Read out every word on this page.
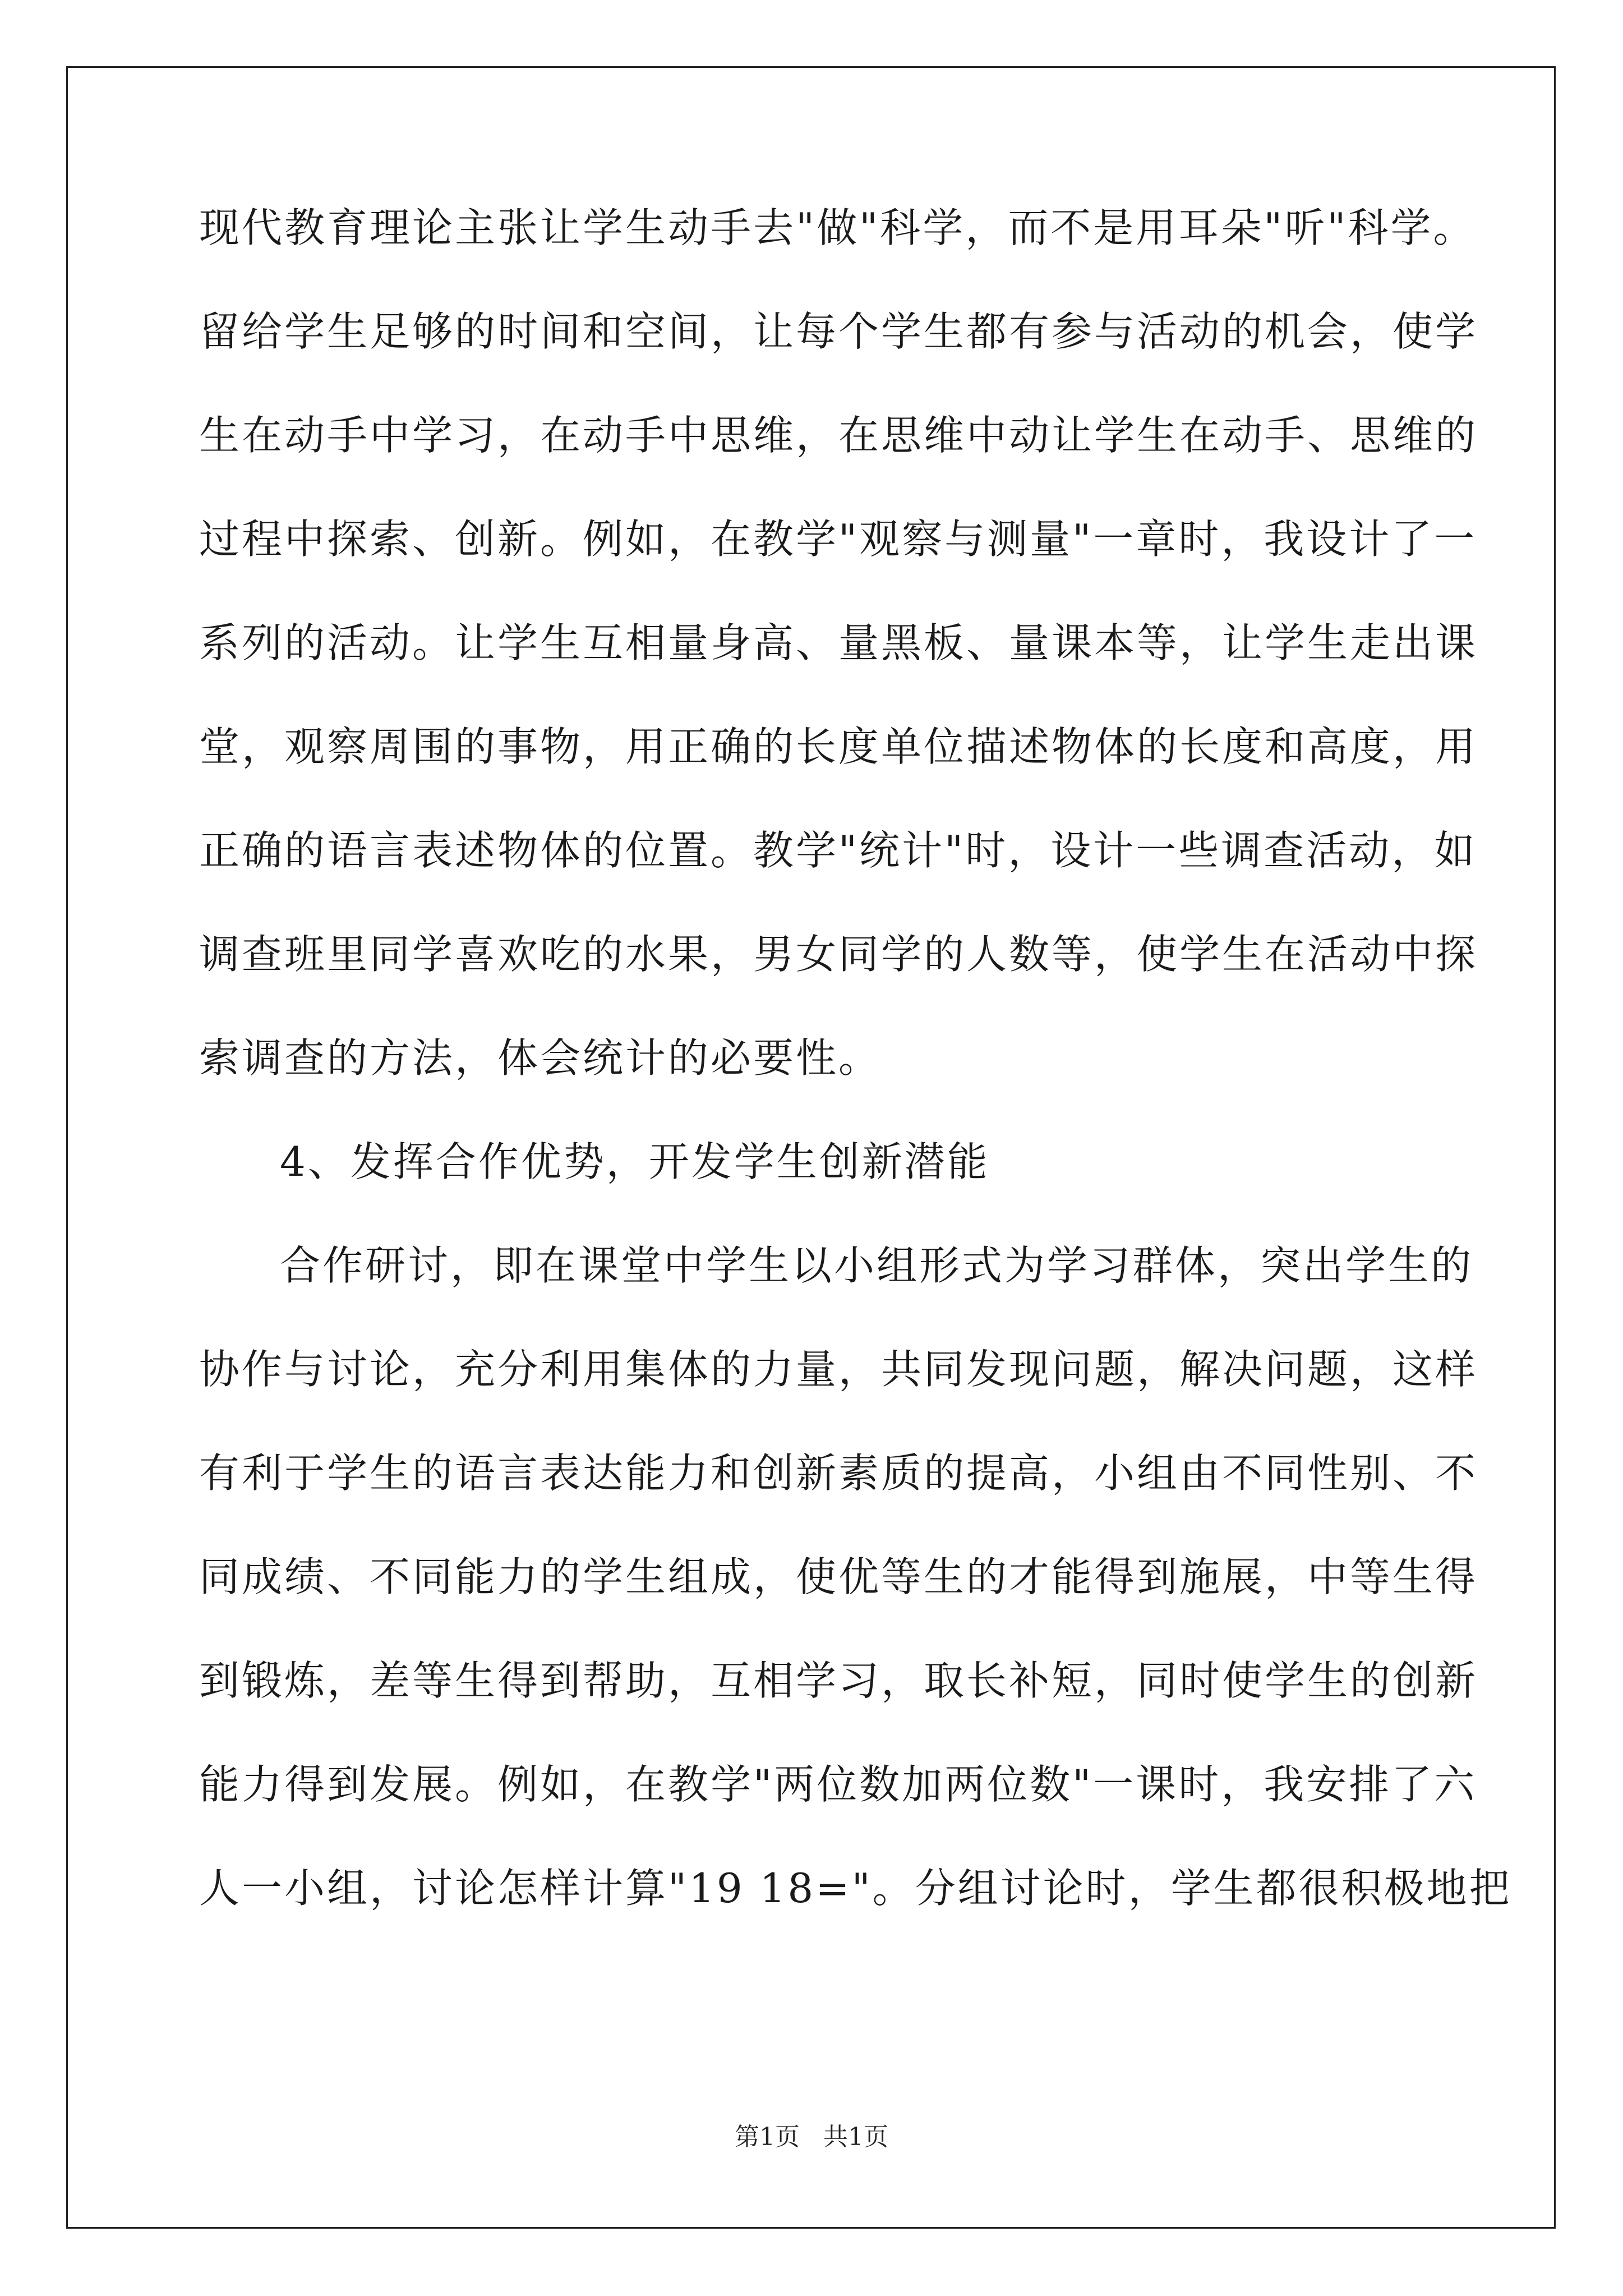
现代教育理论主张让学生动手去"做"科学，而不是用耳朵"听"科学。
留给学生足够的时间和空间，让每个学生都有参与活动的机会，使学
生在动手中学习，在动手中思维，在思维中动让学生在动手、思维的
过程中探索、创新。例如，在教学"观察与测量"一章时，我设计了一
系列的活动。让学生互相量身高、量黑板、量课本等，让学生走出课
堂，观察周围的事物，用正确的长度单位描述物体的长度和高度，用
正确的语言表述物体的位置。教学"统计"时，设计一些调查活动，如
调查班里同学喜欢吃的水果，男女同学的人数等，使学生在活动中探
索调查的方法，体会统计的必要性。
4、发挥合作优势，开发学生创新潜能
合作研讨，即在课堂中学生以小组形式为学习群体，突出学生的
协作与讨论，充分利用集体的力量，共同发现问题，解决问题，这样
有利于学生的语言表达能力和创新素质的提高，小组由不同性别、不
同成绩、不同能力的学生组成，使优等生的才能得到施展，中等生得
到锻炼，差等生得到帮助，互相学习，取长补短，同时使学生的创新
能力得到发展。例如，在教学"两位数加两位数"一课时，我安排了六
人一小组，讨论怎样计算"19 18="。分组讨论时，学生都很积极地把
第1页   共1页
